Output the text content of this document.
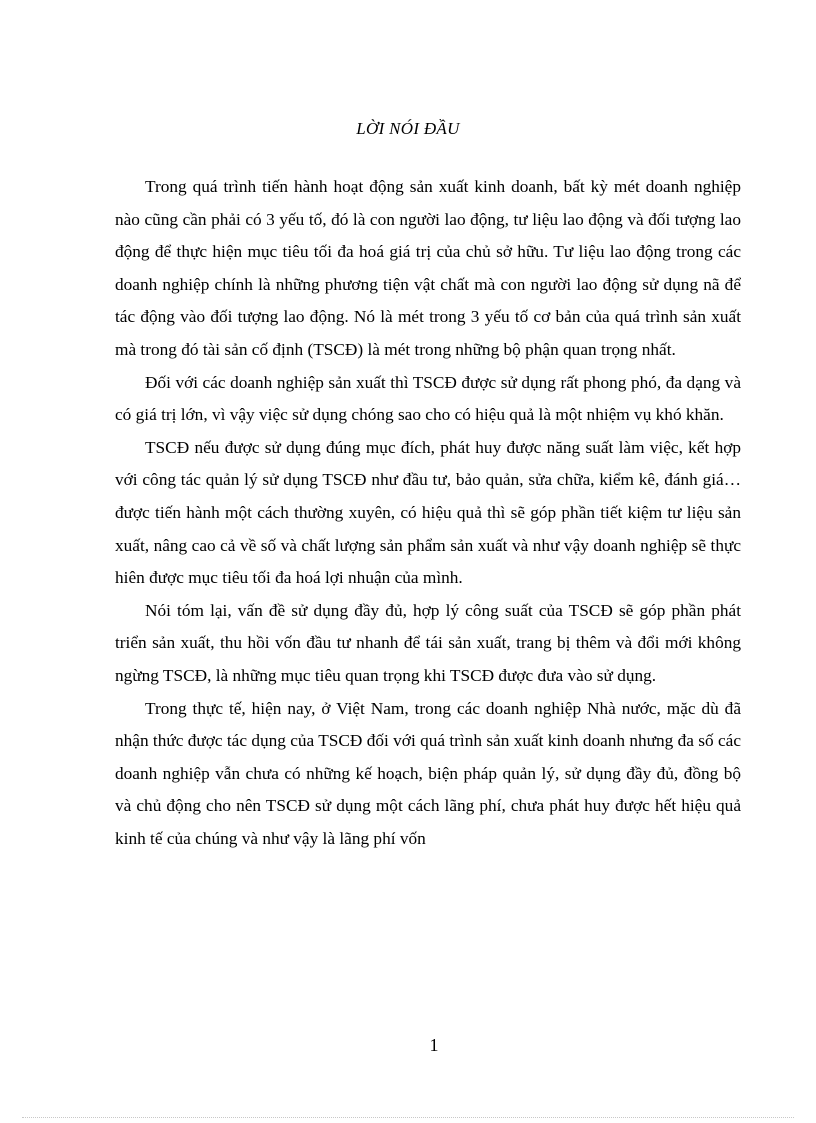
LỜI NÓI ĐẦU

Trong quá trình tiến hành hoạt động sản xuất kinh doanh, bất kỳ mét doanh nghiệp nào cũng cần phải có 3 yếu tố, đó là con người lao động, tư liệu lao động và đối tượng lao động để thực hiện mục tiêu tối đa hoá giá trị của chủ sở hữu. Tư liệu lao động trong các doanh nghiệp chính là những phương tiện vật chất mà con người lao động sử dụng nã để tác động vào đối tượng lao động. Nó là mét trong 3 yếu tố cơ bản của quá trình sản xuất mà trong đó tài sản cố định (TSCĐ) là mét trong những bộ phận quan trọng nhất.

Đối với các doanh nghiệp sản xuất thì TSCĐ được sử dụng rất phong phó, đa dạng và có giá trị lớn, vì vậy việc sử dụng chóng sao cho có hiệu quả là một nhiệm vụ khó khăn.

TSCĐ nếu được sử dụng đúng mục đích, phát huy được năng suất làm việc, kết hợp với công tác quản lý sử dụng TSCĐ như đầu tư, bảo quản, sửa chữa, kiểm kê, đánh giá… được tiến hành một cách thường xuyên, có hiệu quả thì sẽ góp phần tiết kiệm tư liệu sản xuất, nâng cao cả về số và chất lượng sản phẩm sản xuất và như vậy doanh nghiệp sẽ thực hiên được mục tiêu tối đa hoá lợi nhuận của mình.

Nói tóm lại, vấn đề sử dụng đầy đủ, hợp lý công suất của TSCĐ sẽ góp phần phát triển sản xuất, thu hồi vốn đầu tư nhanh để tái sản xuất, trang bị thêm và đổi mới không ngừng TSCĐ, là những mục tiêu quan trọng khi TSCĐ được đưa vào sử dụng.

Trong thực tế, hiện nay, ở Việt Nam, trong các doanh nghiệp Nhà nước, mặc dù đã nhận thức được tác dụng của TSCĐ đối với quá trình sản xuất kinh doanh nhưng đa số các doanh nghiệp vẫn chưa có những kế hoạch, biện pháp quản lý, sử dụng đầy đủ, đồng bộ và chủ động cho nên TSCĐ sử dụng một cách lãng phí, chưa phát huy được hết hiệu quả kinh tế của chúng và như vậy là lãng phí vốn

1
